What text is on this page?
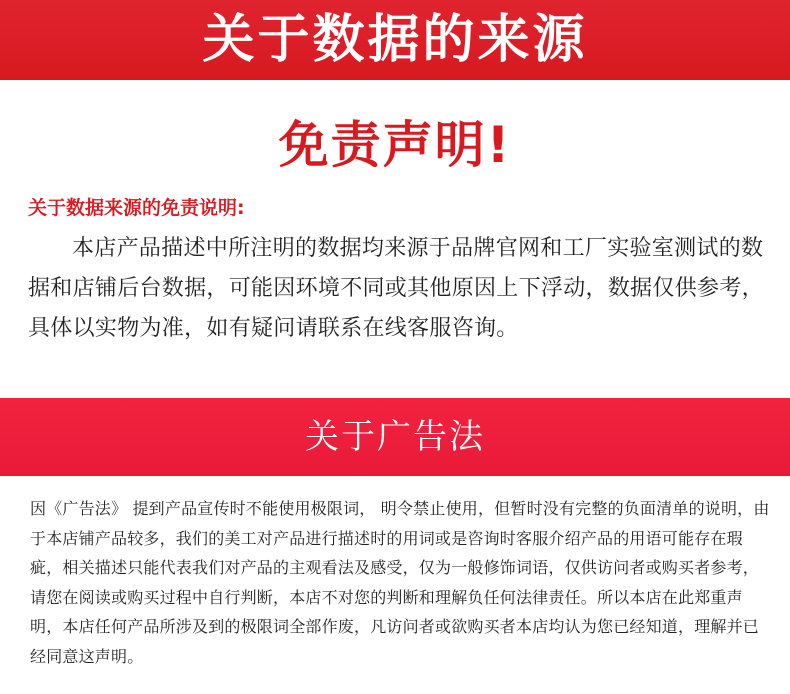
关于数据的来源
免责声明!
关于数据来源的免责说明:

本店产品描述中所注明的数据均来源于品牌官网和工厂实验室测试的数据和店铺后台数据，可能因环境不同或其他原因上下浮动，数据仅供参考，具体以实物为准，如有疑问请联系在线客服咨询。

关于广告法

因《广告法》 提到产品宣传时不能使用极限词， 明令禁止使用，但暂时没有完整的负面清单的说明，由于本店铺产品较多，我们的美工对产品进行描述时的用词或是咨询时客服介绍产品的用语可能存在瑕疵，相关描述只能代表我们对产品的主观看法及感受，仅为一般修饰词语，仅供访问者或购买者参考，请您在阅读或购买过程中自行判断，本店不对您的判断和理解负任何法律责任。所以本店在此郑重声明，本店任何产品所涉及到的极限词全部作废，凡访问者或欲购买者本店均认为您已经知道，理解并已经同意这声明。
